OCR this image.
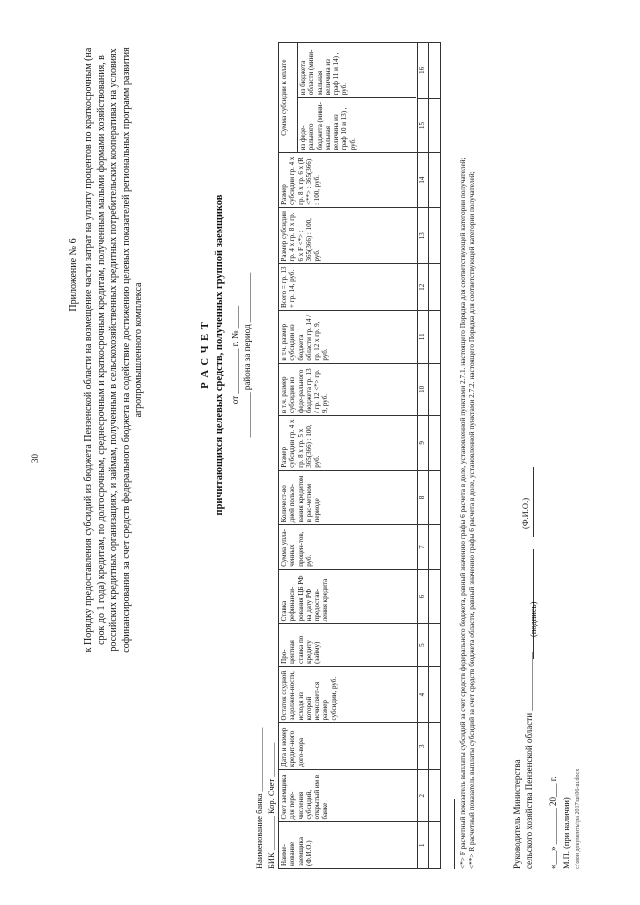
30
Приложение № 6 к Порядку предоставления субсидий из бюджета Пензенской области на возмещение части затрат на уплату процентов по краткосрочным (на срок до 1 года) кредитам, по долгосрочным, среднесрочным и краткосрочным кредитам, полученным малыми формами хозяйствования, в российских кредитных организациях, и займам, полученным в сельскохозяйственных кредитных потребительских кооперативах на условиях софинансирования за счет средств федерального бюджета на содействие достижению целевых показателей региональных программ развития агропромышленного комплекса	Р А С Ч Е Т причитающихся целевых средств, полученных группой заемщиков от __________ г. № _____ __________ района за период ___________
Наименование банка _______________ БИК ________ Кор. Счет ________ Наиме-нование заемщика (Ф.И.О.)	Счет заемщика для пере-числения субсидий, открытый им в банке	Дата и номер кредит-ного дого-вора	Остаток ссудной задолжен-ности, исходя из которой исчисляет-ся размер субсидии, руб.	Про-центная ставка по кредиту (займу)	Ставка рефинанси-рования ЦБ РФ на дату РФ предостав-ления кредита	Сумма упла-ченных процен-тов, руб.	Количест-во дней пользо-вания кредитом в рас-четном периоде	Размер субсидии гр. 4 х гр. 8 х гр. 5 х 365(366) : 100, руб.	в т.ч. размер субсидии из феде-рального бюджета гр. 13 / гр. 12 <*> гр. 9, руб.	в т.ч. размер субсидии из бюджета области гр. 14 / гр. 12 х гр. 9, руб.	Всего = гр. 13 + гр. 14, руб.	Размер субсидии гр. 4 х гр. 8 х гр. 6 х F <*> : 365(366) : 100, руб.	Размер субсидии гр. 4 х гр. 8 х гр. 6 х (R <**> : 365(366) : 100, руб.	Сумма субсидии к оплате
из феде-рального бюджета (мини-мальная величина из граф 10 и 13) , руб.
из бюджета области (мини-мальная величина из граф 11 и 14) , руб.	

1	2	3	4	5	6	7	8	9	10	11	12	13	14	15	16

<*> F расчетный показатель выплаты субсидий за счет средств федерального бюджета, равный значению графы 6 расчета в доле, установленной пунктами 2.7.1. настоящего Порядка для соответствующей категории получателей; <**> R расчетный показатель выплаты субсидий за счет средств бюджета области, равный значению графы 6 расчета в доле, установленной пунктами 2.7.2. настоящего Порядка для соответствующей категории получателей;	Руководитель Министерства сельского хозяйства Пензенской области _____________
(подпись)
(Ф.И.О.)
«___» ________ 20___ г. М.П. (при наличии) c:\мои документы\pa 2017\ш\06-ш.docx
